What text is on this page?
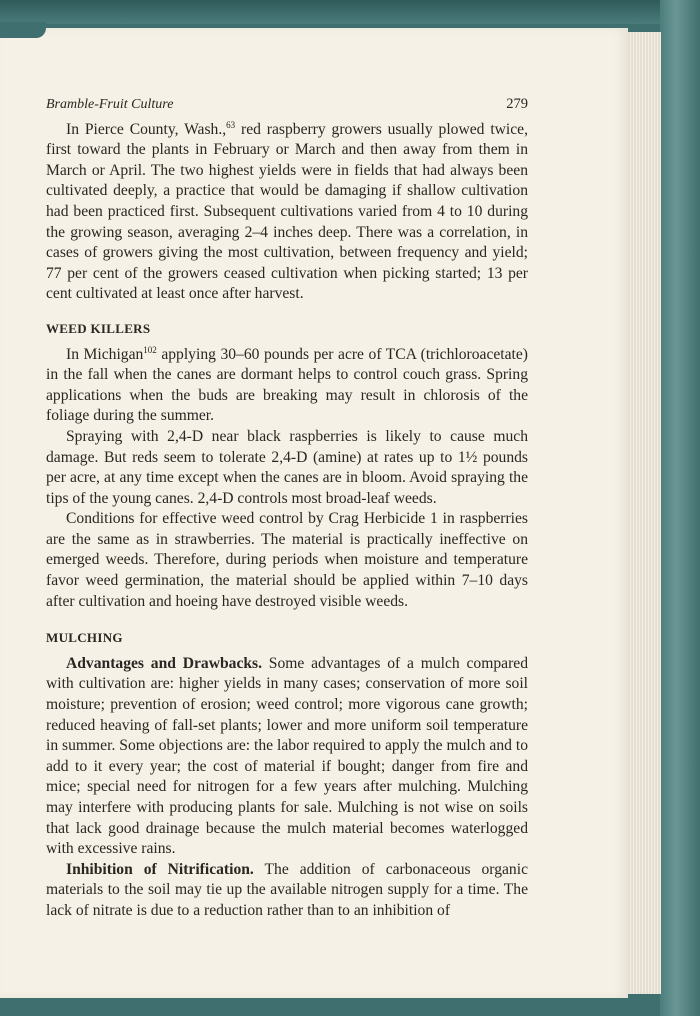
Bramble-Fruit Culture	279

In Pierce County, Wash.,$^{63}$ red raspberry growers usually plowed twice, first toward the plants in February or March and then away from them in March or April. The two highest yields were in fields that had always been cultivated deeply, a practice that would be damaging if shallow cultivation had been practiced first. Subsequent cultivations varied from 4 to 10 during the growing season, averaging 2–4 inches deep. There was a correlation, in cases of growers giving the most cultivation, between frequency and yield; 77 per cent of the growers ceased cultivation when picking started; 13 per cent cultivated at least once after harvest.

WEED KILLERS

In Michigan$^{102}$ applying 30–60 pounds per acre of TCA (trichloroacetate) in the fall when the canes are dormant helps to control couch grass. Spring applications when the buds are breaking may result in chlorosis of the foliage during the summer.

Spraying with 2,4-D near black raspberries is likely to cause much damage. But reds seem to tolerate 2,4-D (amine) at rates up to 1½ pounds per acre, at any time except when the canes are in bloom. Avoid spraying the tips of the young canes. 2,4-D controls most broad-leaf weeds.

Conditions for effective weed control by Crag Herbicide 1 in raspberries are the same as in strawberries. The material is practically ineffective on emerged weeds. Therefore, during periods when moisture and temperature favor weed germination, the material should be applied within 7–10 days after cultivation and hoeing have destroyed visible weeds.

MULCHING

Advantages and Drawbacks. Some advantages of a mulch compared with cultivation are: higher yields in many cases; conservation of more soil moisture; prevention of erosion; weed control; more vigorous cane growth; reduced heaving of fall-set plants; lower and more uniform soil temperature in summer. Some objections are: the labor required to apply the mulch and to add to it every year; the cost of material if bought; danger from fire and mice; special need for nitrogen for a few years after mulching. Mulching may interfere with producing plants for sale. Mulching is not wise on soils that lack good drainage because the mulch material becomes waterlogged with excessive rains.

Inhibition of Nitrification. The addition of carbonaceous organic materials to the soil may tie up the available nitrogen supply for a time. The lack of nitrate is due to a reduction rather than to an inhibition of
